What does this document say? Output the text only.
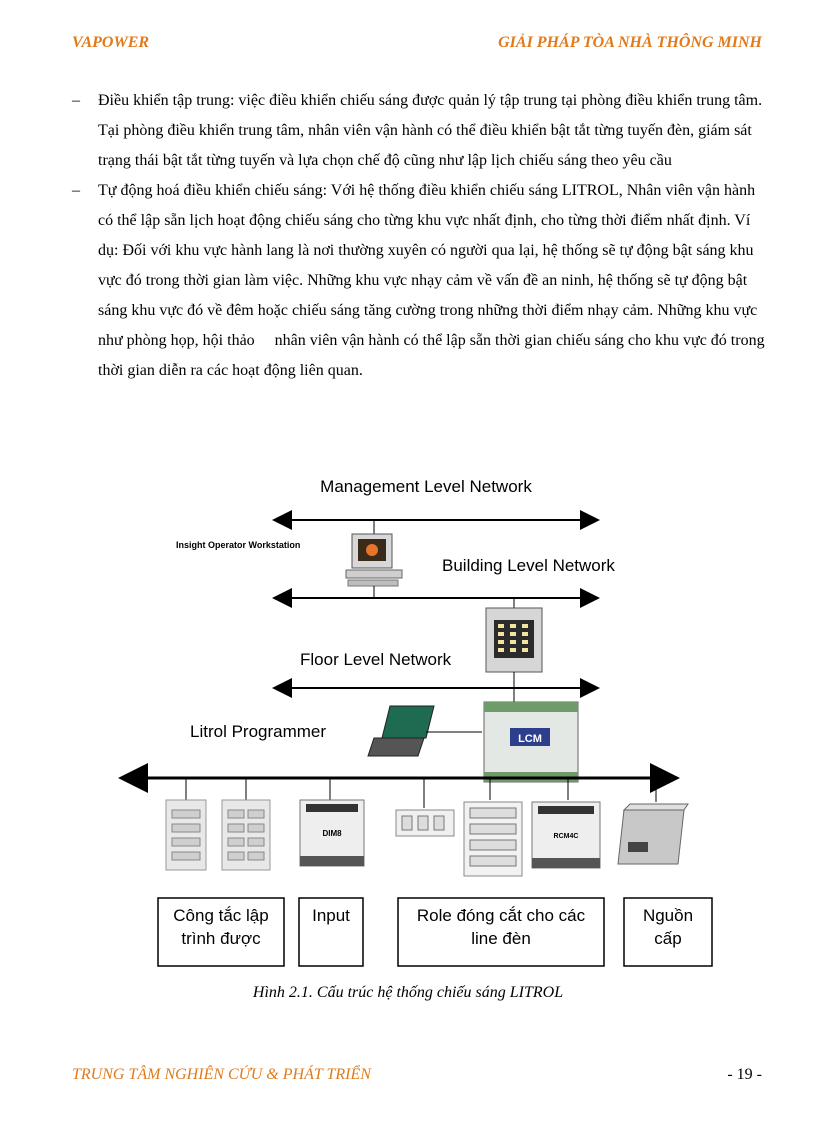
VAPOWER	GIẢI PHÁP TÒA NHÀ THÔNG MINH
– Điều khiển tập trung: việc điều khiển chiếu sáng được quản lý tập trung tại phòng điều khiển trung tâm. Tại phòng điều khiển trung tâm, nhân viên vận hành có thể điều khiển bật tắt từng tuyến đèn, giám sát trạng thái bật tắt từng tuyến và lựa chọn chế độ cũng như lập lịch chiếu sáng theo yêu cầu
– Tự động hoá điều khiển chiếu sáng: Với hệ thống điều khiển chiếu sáng LITROL, Nhân viên vận hành có thể lập sẵn lịch hoạt động chiếu sáng cho từng khu vực nhất định, cho từng thời điểm nhất định. Ví dụ: Đối với khu vực hành lang là nơi thường xuyên có người qua lại, hệ thống sẽ tự động bật sáng khu vực đó trong thời gian làm việc. Những khu vực nhạy cảm về vấn đề an ninh, hệ thống sẽ tự động bật sáng khu vực đó về đêm hoặc chiếu sáng tăng cường trong những thời điểm nhạy cảm. Những khu vực như phòng họp, hội thảo     nhân viên vận hành có thể lập sẵn thời gian chiếu sáng cho khu vực đó trong thời gian diễn ra các hoạt động liên quan.
Management Level Network
Insight Operator Workstation
Building Level Network
Floor Level Network
Litrol Programmer	LCM
DIM8	RCM4C
Công tắc lập
trình được
Input	Role đóng cắt cho các
line đèn
Nguồn
cấp
Hình 2.1. Cấu trúc hệ thống chiếu sáng LITROL
TRUNG TÂM NGHIÊN CỨU & PHÁT TRIỂN	- 19 -
